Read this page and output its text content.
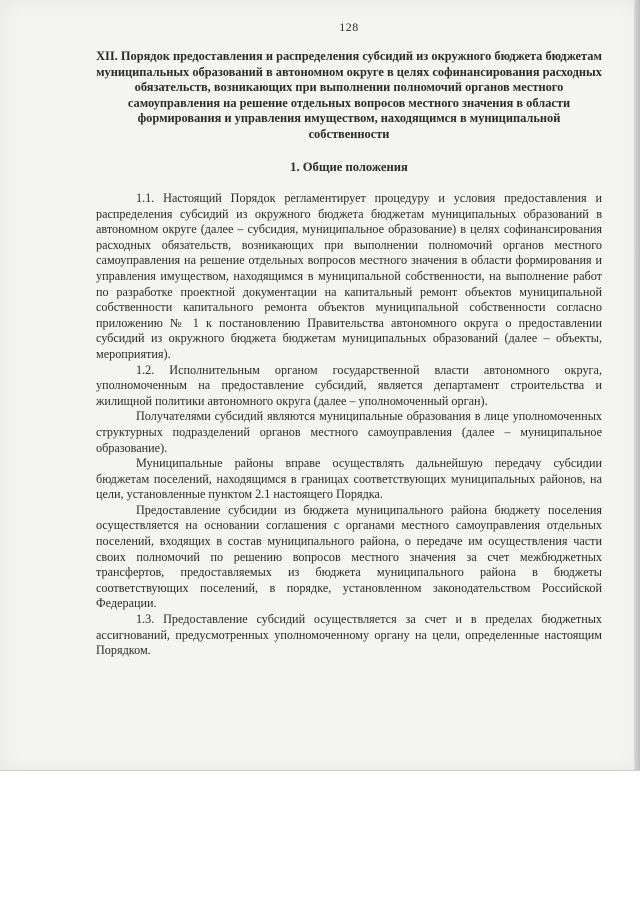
128
XII. Порядок предоставления и распределения субсидий из окружного бюджета бюджетам муниципальных образований в автономном округе в целях софинансирования расходных обязательств, возникающих при выполнении полномочий органов местного самоуправления на решение отдельных вопросов местного значения в области формирования и управления имуществом, находящимся в муниципальной собственности
1. Общие положения

1.1. Настоящий Порядок регламентирует процедуру и условия предоставления и распределения субсидий из окружного бюджета бюджетам муниципальных образований в автономном округе (далее – субсидия, муниципальное образование) в целях софинансирования расходных обязательств, возникающих при выполнении полномочий органов местного самоуправления на решение отдельных вопросов местного значения в области формирования и управления имуществом, находящимся в муниципальной собственности, на выполнение работ по разработке проектной документации на капитальный ремонт объектов муниципальной собственности капитального ремонта объектов муниципальной собственности согласно приложению № 1 к постановлению Правительства автономного округа о предоставлении субсидий из окружного бюджета бюджетам муниципальных образований (далее – объекты, мероприятия).

1.2. Исполнительным органом государственной власти автономного округа, уполномоченным на предоставление субсидий, является департамент строительства и жилищной политики автономного округа (далее – уполномоченный орган).

Получателями субсидий являются муниципальные образования в лице уполномоченных структурных подразделений органов местного самоуправления (далее – муниципальное образование).

Муниципальные районы вправе осуществлять дальнейшую передачу субсидии бюджетам поселений, находящимся в границах соответствующих муниципальных районов, на цели, установленные пунктом 2.1 настоящего Порядка.

Предоставление субсидии из бюджета муниципального района бюджету поселения осуществляется на основании соглашения с органами местного самоуправления отдельных поселений, входящих в состав муниципального района, о передаче им осуществления части своих полномочий по решению вопросов местного значения за счет межбюджетных трансфертов, предоставляемых из бюджета муниципального района в бюджеты соответствующих поселений, в порядке, установленном законодательством Российской Федерации.

1.3. Предоставление субсидий осуществляется за счет и в пределах бюджетных ассигнований, предусмотренных уполномоченному органу на цели, определенные настоящим Порядком.
